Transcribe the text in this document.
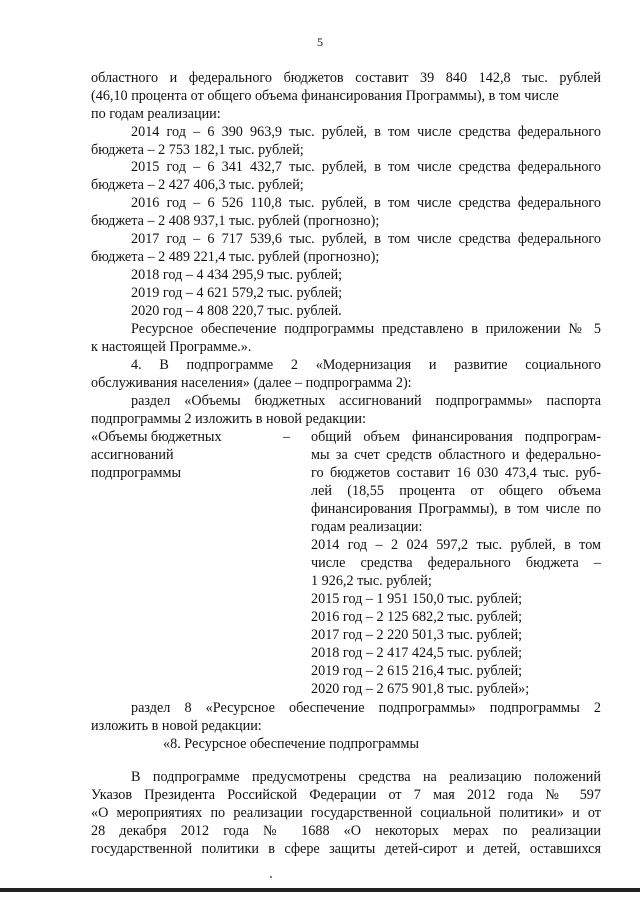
5
областного и федерального бюджетов составит 39 840 142,8 тыс. рублей
(46,10 процента от общего объема финансирования Программы), в том числе
по годам реализации:
2014 год – 6 390 963,9 тыс. рублей, в том числе средства федерального
бюджета – 2 753 182,1 тыс. рублей;
2015 год – 6 341 432,7 тыс. рублей, в том числе средства федерального
бюджета – 2 427 406,3 тыс. рублей;
2016 год – 6 526 110,8 тыс. рублей, в том числе средства федерального
бюджета – 2 408 937,1 тыс. рублей (прогнозно);
2017 год – 6 717 539,6 тыс. рублей, в том числе средства федерального
бюджета – 2 489 221,4 тыс. рублей (прогнозно);
2018 год – 4 434 295,9 тыс. рублей;
2019 год – 4 621 579,2 тыс. рублей;
2020 год – 4 808 220,7 тыс. рублей.
Ресурсное обеспечение подпрограммы представлено в приложении № 5
к настоящей Программе.».
4. В подпрограмме 2 «Модернизация и развитие социального
обслуживания населения» (далее – подпрограмма 2):
раздел «Объемы бюджетных ассигнований подпрограммы» паспорта
подпрограммы 2 изложить в новой редакции:
«Объемы бюджетных
ассигнований
подпрограммы
– общий объем финансирования подпрограм-
мы за счет средств областного и федерально-
го бюджетов составит 16 030 473,4 тыс. руб-
лей (18,55 процента от общего объема
финансирования Программы), в том числе по
годам реализации:
2014 год – 2 024 597,2 тыс. рублей, в том
числе средства федерального бюджета –
1 926,2 тыс. рублей;
2015 год – 1 951 150,0 тыс. рублей;
2016 год – 2 125 682,2 тыс. рублей;
2017 год – 2 220 501,3 тыс. рублей;
2018 год – 2 417 424,5 тыс. рублей;
2019 год – 2 615 216,4 тыс. рублей;
2020 год – 2 675 901,8 тыс. рублей»;
раздел 8 «Ресурсное обеспечение подпрограммы» подпрограммы 2
изложить в новой редакции:
«8. Ресурсное обеспечение подпрограммы
В подпрограмме предусмотрены средства на реализацию положений
Указов Президента Российской Федерации от 7 мая 2012 года № 597
«О мероприятиях по реализации государственной социальной политики» и от
28 декабря 2012 года № 1688 «О некоторых мерах по реализации
государственной политики в сфере защиты детей-сирот и детей, оставшихся
